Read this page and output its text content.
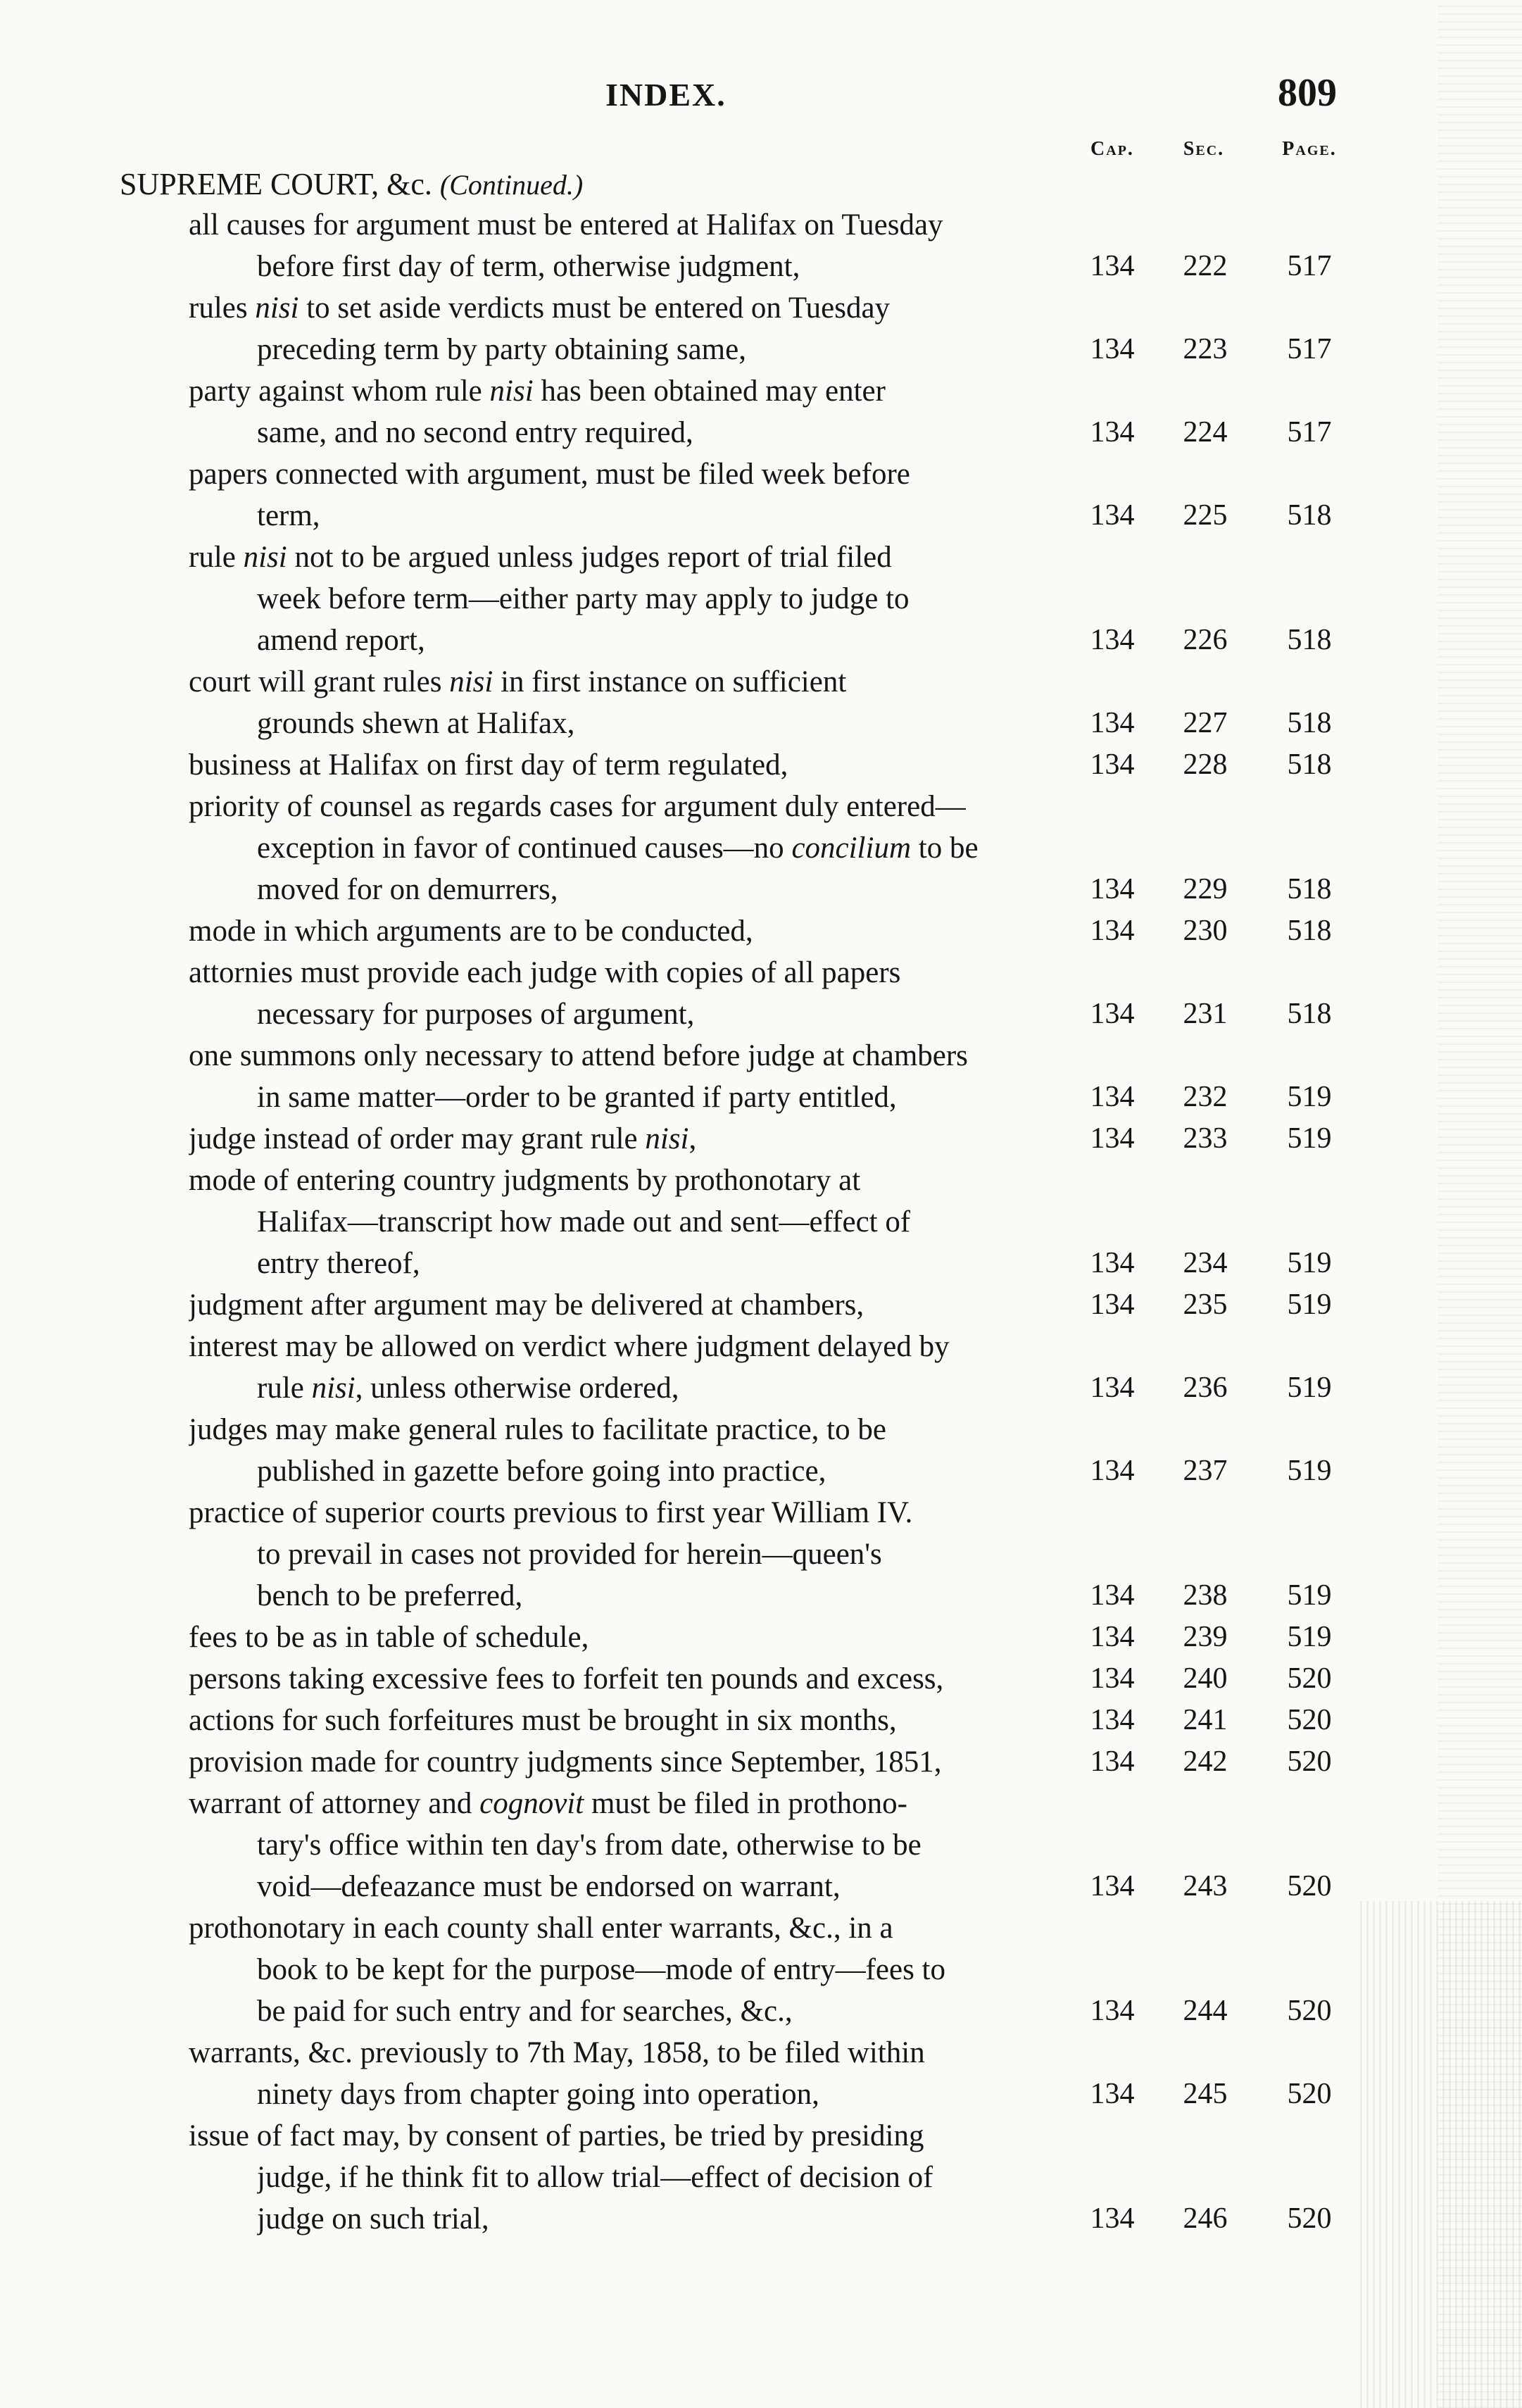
INDEX.	809
Cap.	Sec.	Page.
SUPREME COURT, &c. (Continued.)
all causes for argument must be entered at Halifax on Tuesday
before first day of term, otherwise judgment,	134	222	517
rules nisi to set aside verdicts must be entered on Tuesday
preceding term by party obtaining same,	134	223	517
party against whom rule nisi has been obtained may enter
same, and no second entry required,	134	224	517
papers connected with argument, must be filed week before
term,	134	225	518
rule nisi not to be argued unless judges report of trial filed
week before term—either party may apply to judge to
amend report,	134	226	518
court will grant rules nisi in first instance on sufficient
grounds shewn at Halifax,	134	227	518
business at Halifax on first day of term regulated,	134	228	518
priority of counsel as regards cases for argument duly entered—
exception in favor of continued causes—no concilium to be
moved for on demurrers,	134	229	518
mode in which arguments are to be conducted,	134	230	518
attornies must provide each judge with copies of all papers
necessary for purposes of argument,	134	231	518
one summons only necessary to attend before judge at chambers
in same matter—order to be granted if party entitled,	134	232	519
judge instead of order may grant rule nisi,	134	233	519
mode of entering country judgments by prothonotary at
Halifax—transcript how made out and sent—effect of
entry thereof,	134	234	519
judgment after argument may be delivered at chambers,	134	235	519
interest may be allowed on verdict where judgment delayed by
rule nisi, unless otherwise ordered,	134	236	519
judges may make general rules to facilitate practice, to be
published in gazette before going into practice,	134	237	519
practice of superior courts previous to first year William IV.
to prevail in cases not provided for herein—queen's
bench to be preferred,	134	238	519
fees to be as in table of schedule,	134	239	519
persons taking excessive fees to forfeit ten pounds and excess,	134	240	520
actions for such forfeitures must be brought in six months,	134	241	520
provision made for country judgments since September, 1851,	134	242	520
warrant of attorney and cognovit must be filed in prothono-
tary's office within ten day's from date, otherwise to be
void—defeazance must be endorsed on warrant,	134	243	520
prothonotary in each county shall enter warrants, &c., in a
book to be kept for the purpose—mode of entry—fees to
be paid for such entry and for searches, &c.,	134	244	520
warrants, &c. previously to 7th May, 1858, to be filed within
ninety days from chapter going into operation,	134	245	520
issue of fact may, by consent of parties, be tried by presiding
judge, if he think fit to allow trial—effect of decision of
judge on such trial,	134	246	520
